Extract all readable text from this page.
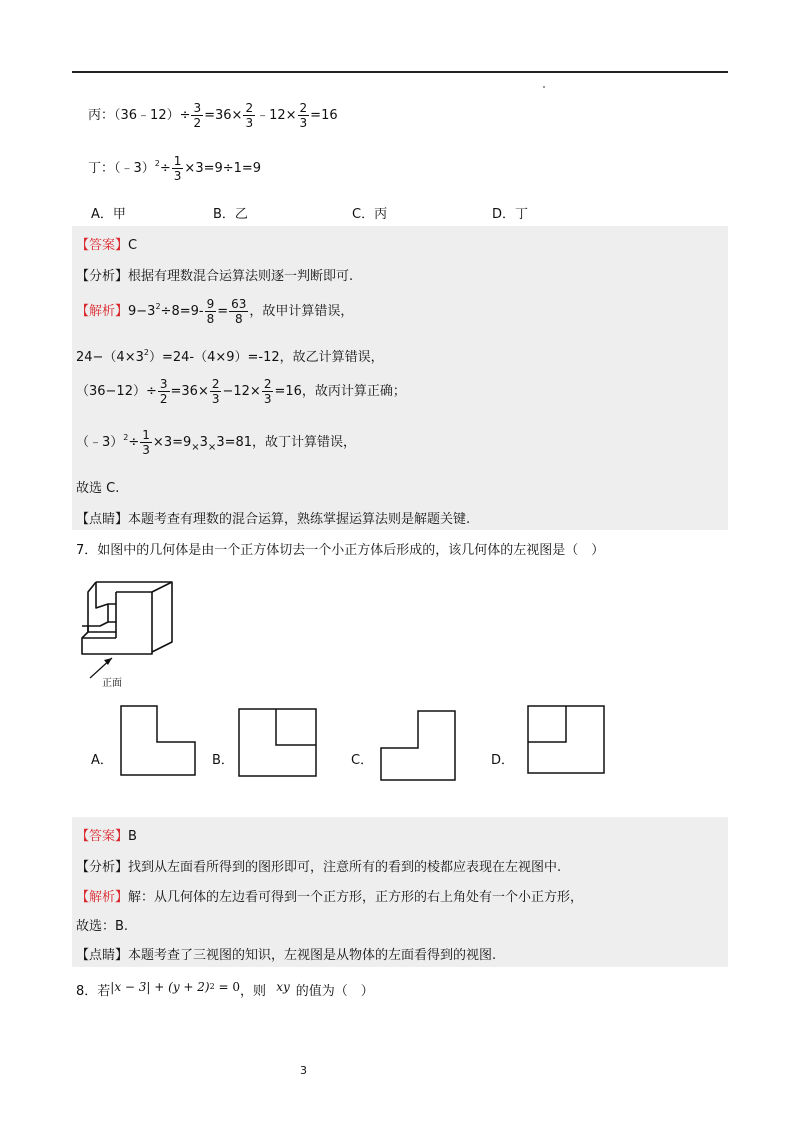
丙：（36﹣12）÷ $\frac{3}{2} =36\times \frac{2}{3}$ ﹣12× $\frac{2}{3} =16$
丁：（﹣3）$^2$÷ $\frac{1}{3} \times 3=9\div 1=9$
A．甲	B．乙	C．丙	D．丁
【答案】C
【分析】根据有理数混合运算法则逐一判断即可.
【解析】$9-3^2\div 8=9- \frac{9}{8} = \frac{63}{8}$ ，故甲计算错误，
$24-(4\times 3^2)=24-(4\times 9)=-12$，故乙计算错误，
$(36-12)\div \frac{3}{2} =36\times \frac{2}{3} -12\times \frac{2}{3} =16$，故丙计算正确；
（﹣3）$^2$÷ $\frac{1}{3} \times 3=9_\times 3_\times 3=81$，故丁计算错误，
故选 C.
【点睛】本题考查有理数的混合运算，熟练掌握运算法则是解题关键.
7．如图中的几何体是由一个正方体切去一个小正方体后形成的，该几何体的左视图是（　）
正面
A．	B．	C．	D．
【答案】B
【分析】找到从左面看所得到的图形即可，注意所有的看到的棱都应表现在左视图中.
【解析】解：从几何体的左边看可得到一个正方形，正方形的右上角处有一个小正方形，
故选：B.
【点睛】本题考查了三视图的知识，左视图是从物体的左面看得到的视图.
8．若$|x - 3| + (y + 2)^2 = 0$，则 xy 的值为（　）
3
